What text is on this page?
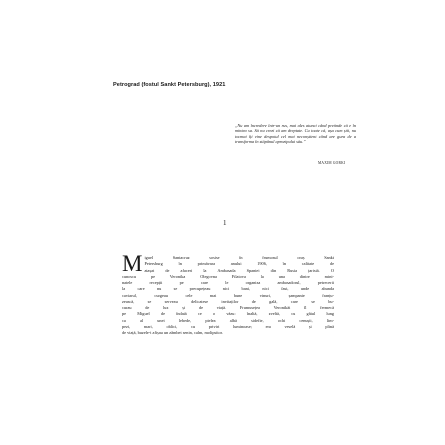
Petrograd (fostul Sankt Petersburg), 1921
„Nu am încredere într-un rus, mai ales atunci când pretinde că e în mintea sa. Să nu crezi că am dreptate. Cu toate că, așa cum știi, nu tocmai îți vine despotul cel mai neconștient când are gura de a transforma în stăpânul aprozipului său.”
MAXIM GORKI
1
M iguel Santacruz sosise în frumosul oraș Sankt
Petersburg în primăvara anului 1906, în calitate de
atașat de afaceri la Ambasada Spaniei din Rusia țaristă. O
cunoscu pe Veronika Olegovna Filatova la una dintre mini-
natele recepții pe care le organiza ambasadorul, petrecerii
la care nu se precupețeau nici bani, nici fast, unde abunda
caviarul, curgeau cele mai bune vinuri, șampanie franțu-
zească, se serveau delicatese invitaților de gală, care se bu-
curau de lux și de viață. Frumusețea Veronikăi îl fermecă
pe Miguel de îndată ce o văzu: înaltă, zveltă, cu gâtul lung
ca al unei lebede, pielea albă sidefie, ochi cenușii, lim-
pezi, mari, oblici, cu priviri luminoase; era veselă și plină
de viață, buzele-i afișau un zâmbet senin, calm, molipsitor.
